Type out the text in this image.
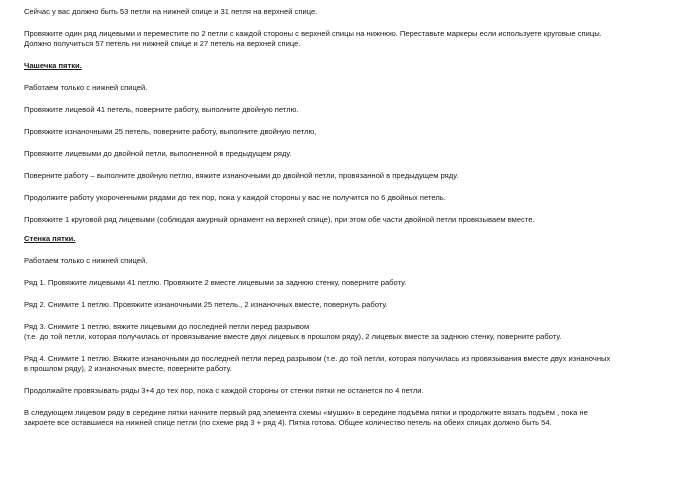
Сейчас у вас должно быть 53 петли на нижней спице и 31 петля на верхней спице.

Провяжите один ряд лицевыми и переместите по 2 петли с каждой стороны с верхней спицы на нижнюю. Переставьте маркеры если используете круговые спицы.

Должно получиться 57 петель ни нижней спице и 27 петель на верхней спице.

Чашечка пятки.

Работаем только с нижней спицей.

Провяжите лицевой 41 петель, поверните работу, выполните двойную петлю.

Провяжите изнаночными 25 петель, поверните работу, выполните двойную петлю,

Провяжите лицевыми до двойной петли, выполненной в предыдущем ряду.

Поверните работу – выполните двойную петлю, вяжите изнаночными до двойной петли, провязанной в предыдущем ряду.

Продолжите работу укороченными рядами до тех пор, пока у каждой стороны у вас не получится по 6 двойных петель.

Провяжите 1 круговой ряд лицевыми (соблюдая ажурный орнамент на верхней спице), при этом обе части двойной петли провязываем вместе.

Стенка пятки.

Работаем только с нижней спицей.

Ряд 1. Провяжите лицевыми 41 петлю. Провяжите 2 вместе лицевыми за заднюю стенку, поверните работу.

Ряд 2. Снимите 1 петлю. Провяжите изнаночными 25 петель., 2 изнаночных вместе, повернуть работу.

Ряд 3. Снимите 1 петлю, вяжите лицевыми до последней петли перед разрывом

(т.е. до той петли, которая получилась от провязывание вместе двух лицевых в прошлом ряду), 2 лицевых вместе за заднюю стенку, поверните работу.

Ряд 4. Снимите 1 петлю. Вяжите изнаночными до последней петли перед разрывом (т.е. до той петли, которая получилась из провязывания вместе двух изнаночных

в прошлом ряду), 2 изнаночных вместе, поверните работу.

Продолжайте провязывать ряды 3+4 до тех пор, пока с каждой стороны от стенки пятки не останется по 4 петли.

В следующем лицевом ряду в середине пятки начните первый ряд элемента схемы «мушки» в середине подъёма пятки и продолжите вязать подъём , пока не

закроете все оставшиеся на нижней спице петли (по схеме ряд 3 + ряд 4). Пятка готова. Общее количество петель на обеих спицах должно быть 54.
